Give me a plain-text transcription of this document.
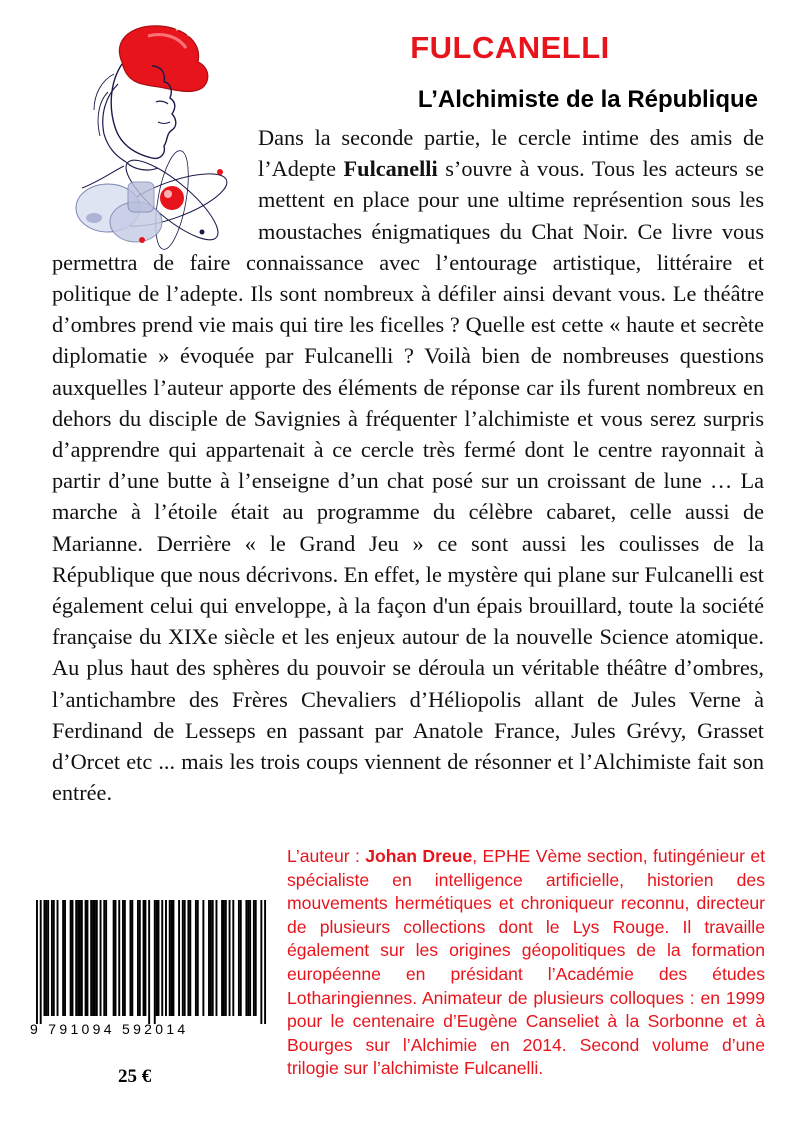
FULCANELLI
L’Alchimiste de la République

Dans la seconde partie, le cercle intime des amis de l’Adepte Fulcanelli s’ouvre à vous. Tous les acteurs se mettent en place pour une ultime représention sous les moustaches énigmatiques du Chat Noir. Ce livre vous permettra de faire connaissance avec l’entourage artistique, littéraire et politique de l’adepte. Ils sont nombreux à défiler ainsi devant vous. Le théâtre d’ombres prend vie mais qui tire les ficelles ? Quelle est cette « haute et secrète diplomatie » évoquée par Fulcanelli ? Voilà bien de nombreuses questions auxquelles l’auteur apporte des éléments de réponse car ils furent nombreux en dehors du disciple de Savignies à fréquenter l’alchimiste et vous serez surpris d’apprendre qui appartenait à ce cercle très fermé dont le centre rayonnait à partir d’une butte à l’enseigne d’un chat posé sur un croissant de lune … La marche à l’étoile était au programme du célèbre cabaret, celle aussi de Marianne. Derrière « le Grand Jeu » ce sont aussi les coulisses de la République que nous décrivons. En effet, le mystère qui plane sur Fulcanelli est également celui qui enveloppe, à la façon d'un épais brouillard, toute la société française du XIXe siècle et les enjeux autour de la nouvelle Science atomique. Au plus haut des sphères du pouvoir se déroula un véritable théâtre d’ombres, l’antichambre des Frères Chevaliers d’Héliopolis allant de Jules Verne à Ferdinand de Lesseps en passant par Anatole France, Jules Grévy, Grasset d’Orcet etc ... mais les trois coups viennent de résonner et l’Alchimiste fait son entrée.

L’auteur : Johan Dreue, EPHE Vème section, futingénieur et spécialiste en intelligence artificielle, historien des mouvements hermétiques et chroniqueur reconnu, directeur de plusieurs collections dont le Lys Rouge. Il travaille également sur les origines géopolitiques de la formation européenne en présidant l’Académie des études Lotharingiennes. Animateur de plusieurs colloques : en 1999 pour le centenaire d’Eugène Canseliet à la Sorbonne et à Bourges sur l’Alchimie en 2014. Second volume d’une trilogie sur l’alchimiste Fulcanelli.

9 791094 592014
25 €
